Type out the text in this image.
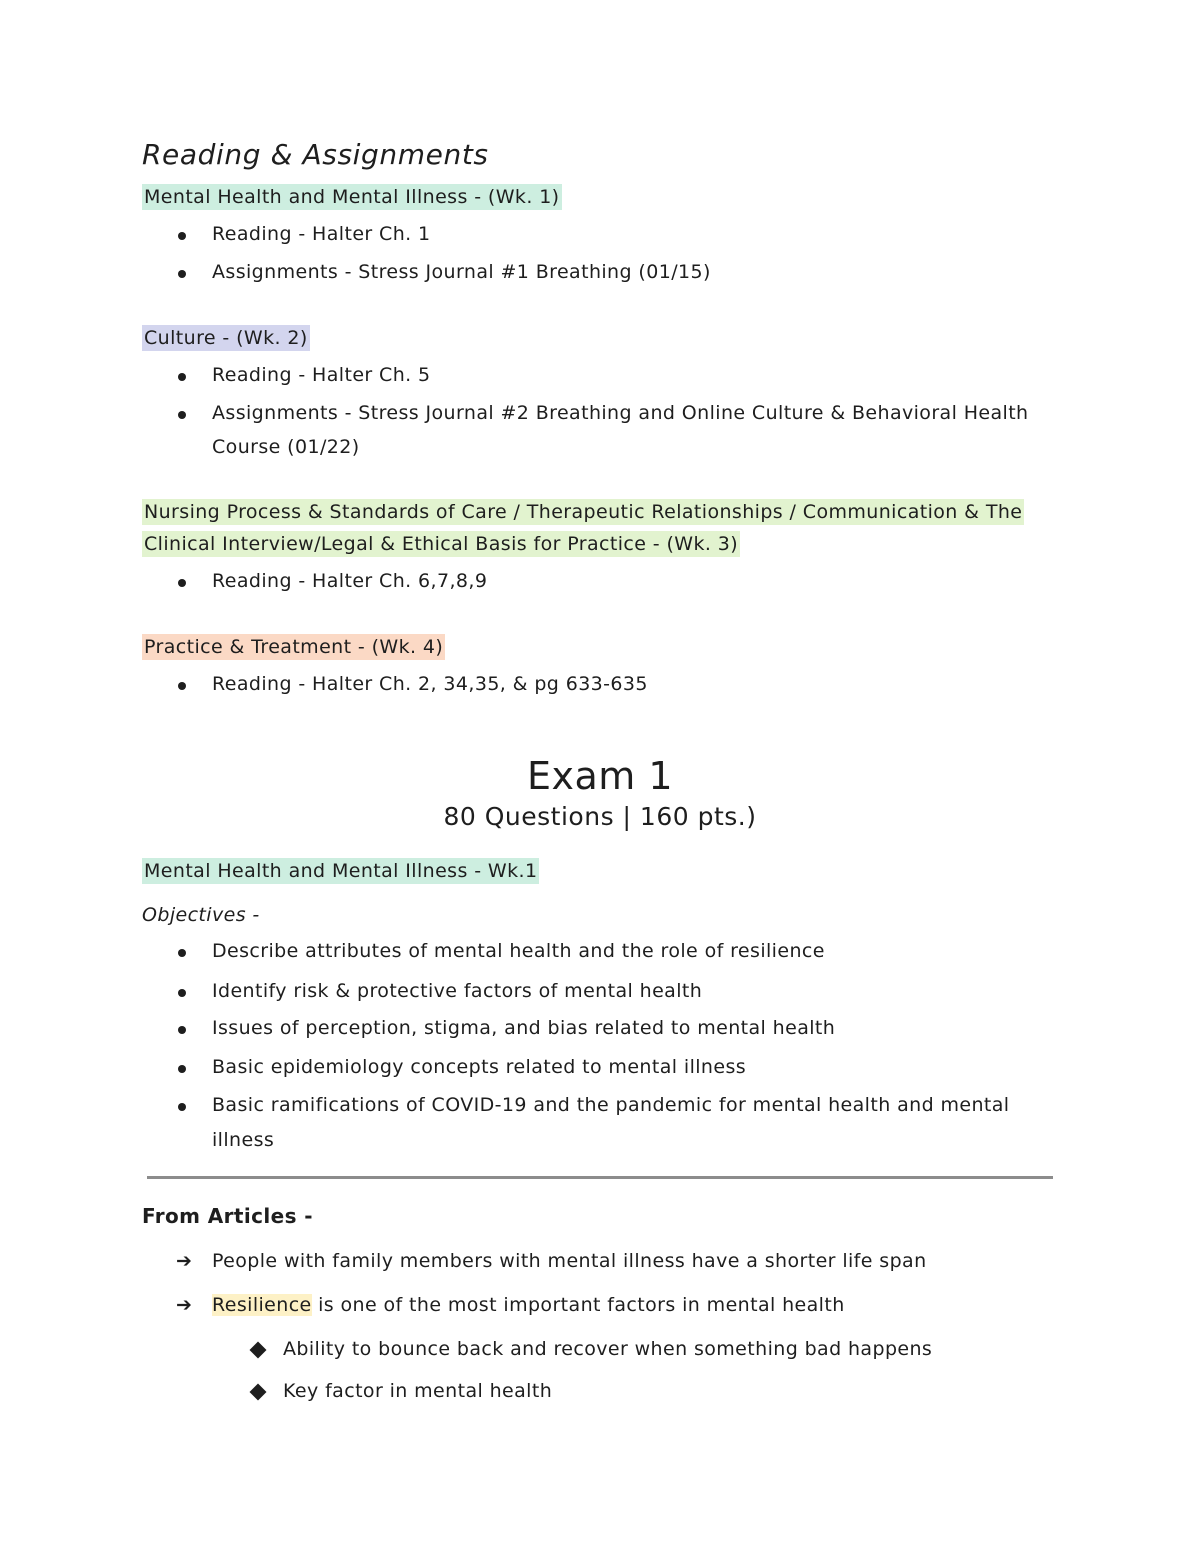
Reading & Assignments
Mental Health and Mental Illness - (Wk. 1)
Reading - Halter Ch. 1
Assignments - Stress Journal #1 Breathing (01/15)
Culture - (Wk. 2)
Reading - Halter Ch. 5
Assignments - Stress Journal #2 Breathing and Online Culture & Behavioral Health
Course (01/22)
Nursing Process & Standards of Care / Therapeutic Relationships / Communication & The
Clinical Interview/Legal & Ethical Basis for Practice - (Wk. 3)
Reading - Halter Ch. 6,7,8,9
Practice & Treatment - (Wk. 4)
Reading - Halter Ch. 2, 34,35, & pg 633-635
Exam 1
80 Questions | 160 pts.)
Mental Health and Mental Illness - Wk.1
Objectives -
Describe attributes of mental health and the role of resilience
Identify risk & protective factors of mental health
Issues of perception, stigma, and bias related to mental health
Basic epidemiology concepts related to mental illness
Basic ramifications of COVID-19 and the pandemic for mental health and mental
illness
From Articles -
➔ People with family members with mental illness have a shorter life span
➔ Resilience is one of the most important factors in mental health
Ability to bounce back and recover when something bad happens
Key factor in mental health
